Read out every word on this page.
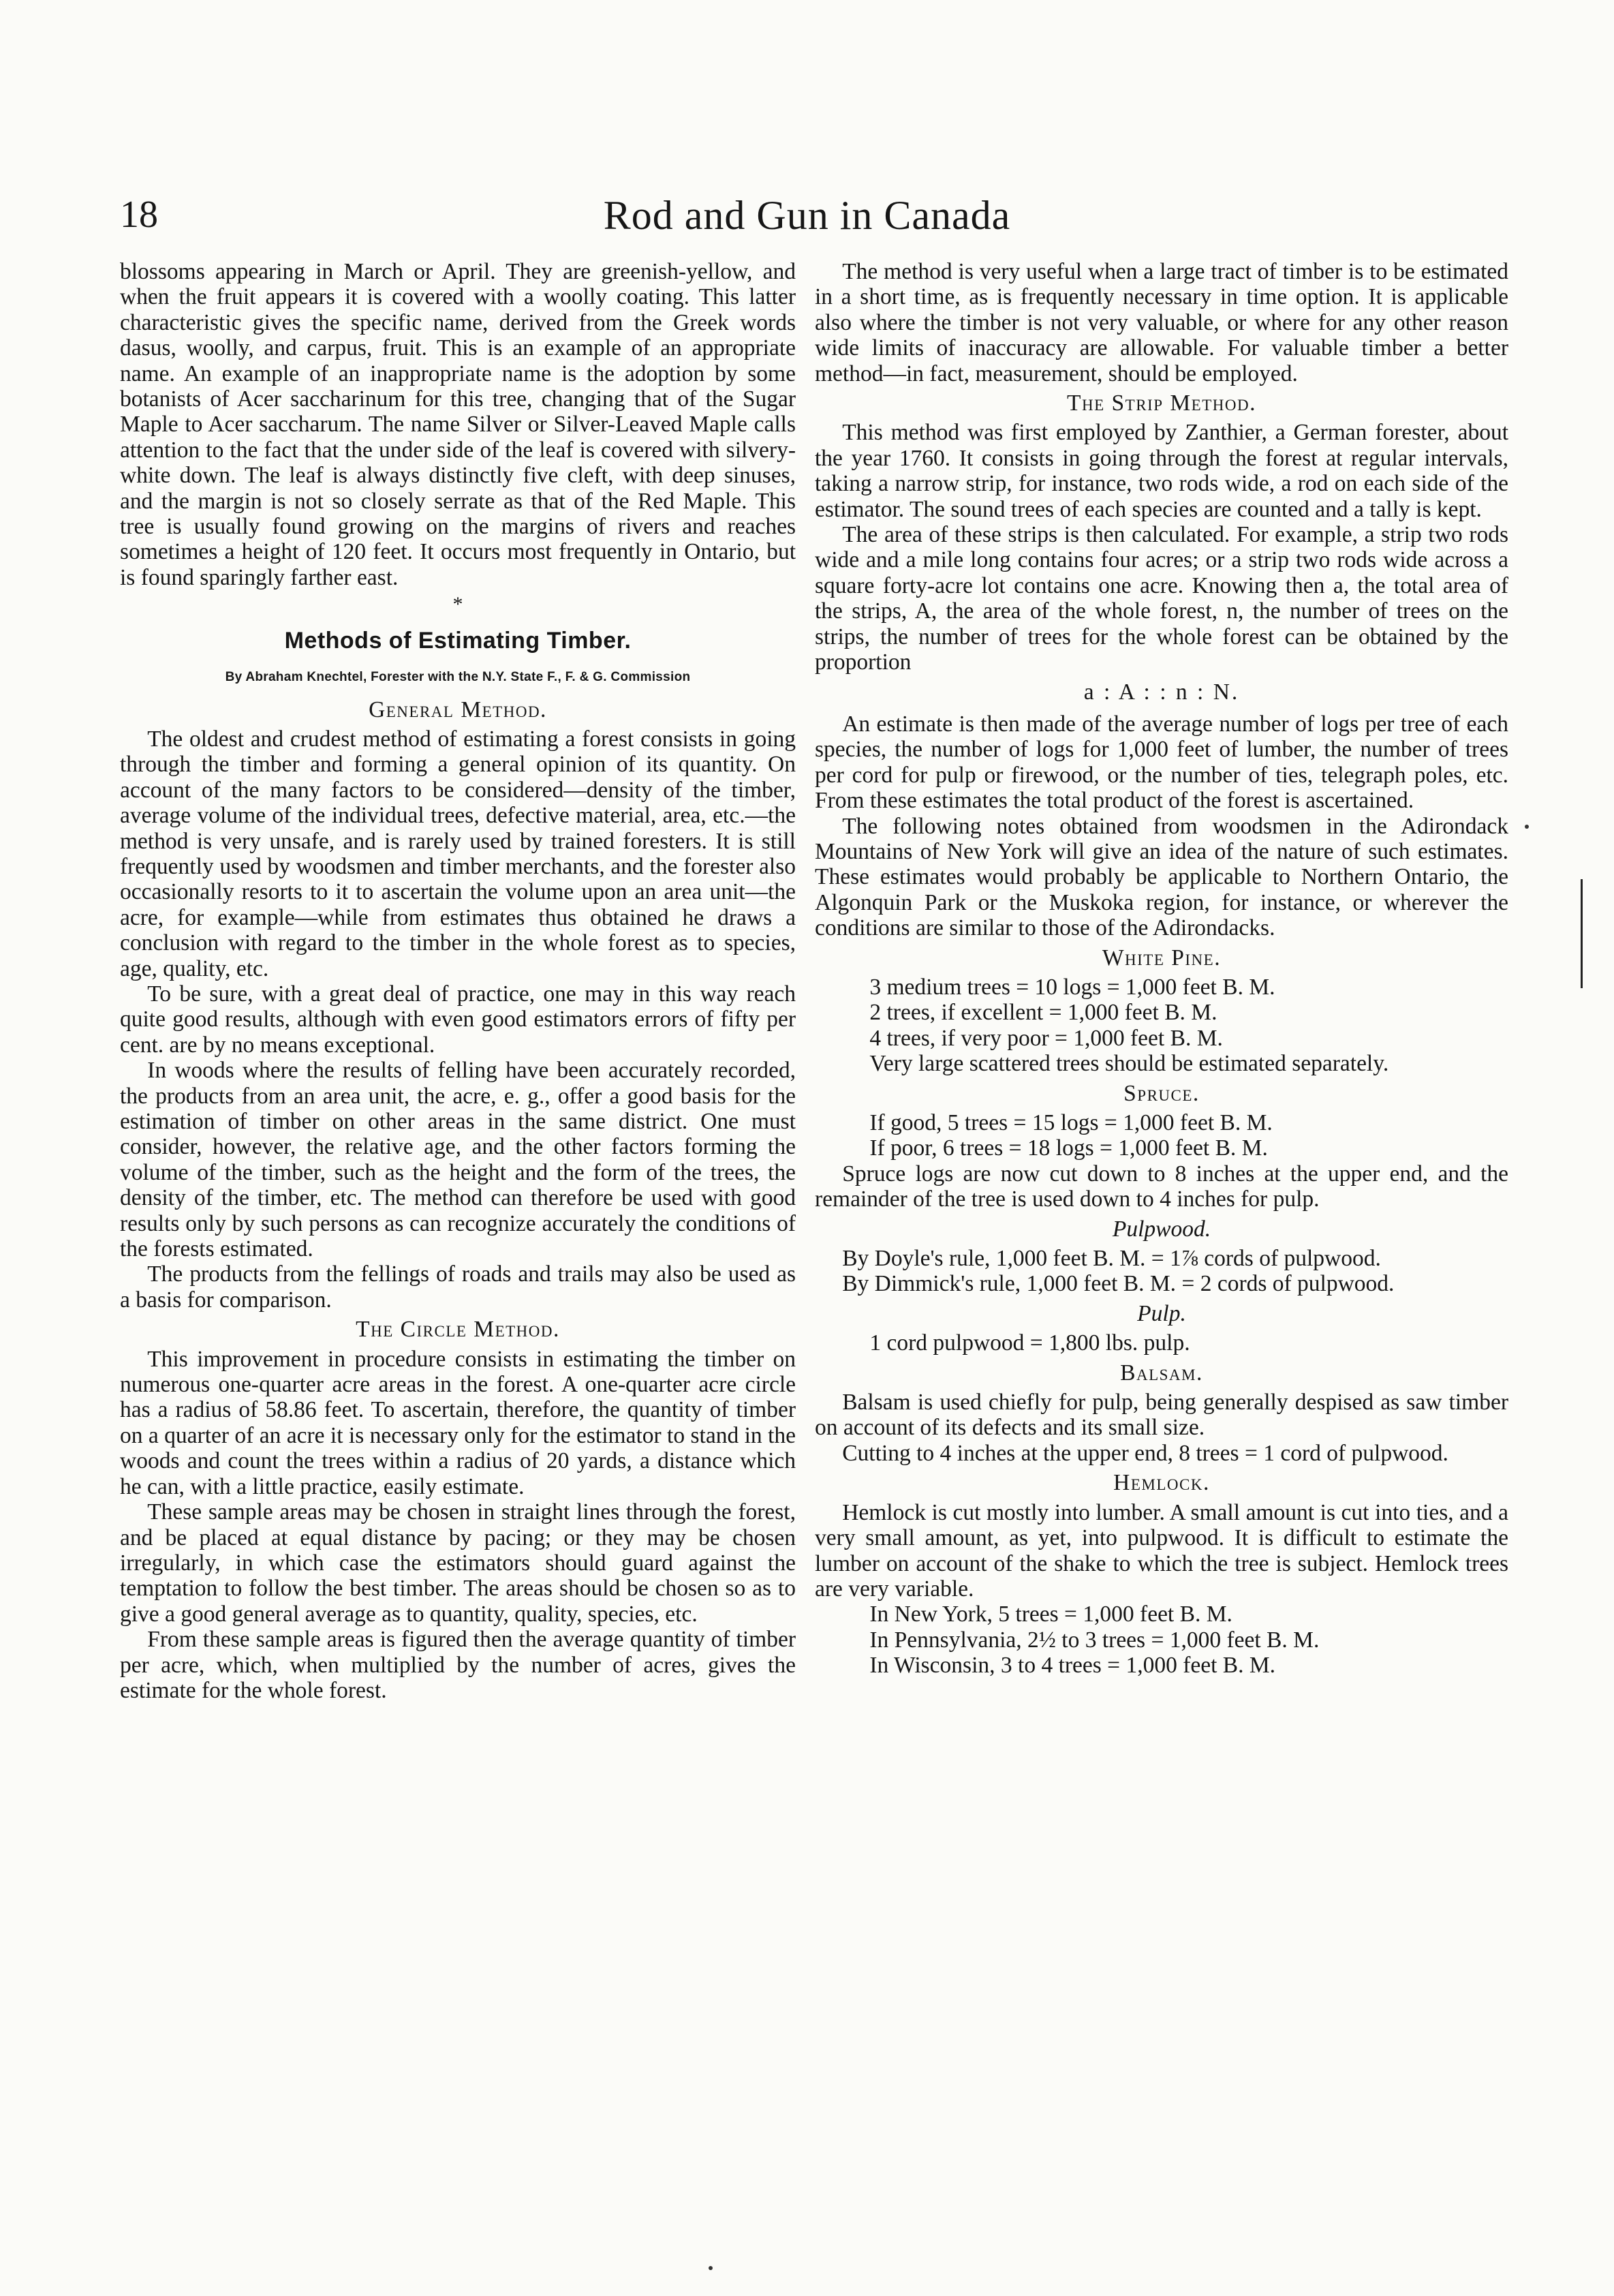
18	Rod and Gun in Canada

blossoms appearing in March or April. They are greenish-yellow, and when the fruit appears it is covered with a woolly coating. This latter characteristic gives the specific name, derived from the Greek words dasus, woolly, and carpus, fruit. This is an example of an appropriate name. An example of an inappropriate name is the adoption by some botanists of Acer saccharinum for this tree, changing that of the Sugar Maple to Acer saccharum. The name Silver or Silver-Leaved Maple calls attention to the fact that the under side of the leaf is covered with silvery-white down. The leaf is always distinctly five cleft, with deep sinuses, and the margin is not so closely serrate as that of the Red Maple. This tree is usually found growing on the margins of rivers and reaches sometimes a height of 120 feet. It occurs most frequently in Ontario, but is found sparingly farther east.

*
Methods of Estimating Timber.
By Abraham Knechtel, Forester with the N.Y. State F., F. & G. Commission
General Method.

The oldest and crudest method of estimating a forest consists in going through the timber and forming a general opinion of its quantity. On account of the many factors to be considered—density of the timber, average volume of the individual trees, defective material, area, etc.—the method is very unsafe, and is rarely used by trained foresters. It is still frequently used by woodsmen and timber merchants, and the forester also occasionally resorts to it to ascertain the volume upon an area unit—the acre, for example—while from estimates thus obtained he draws a conclusion with regard to the timber in the whole forest as to species, age, quality, etc.

To be sure, with a great deal of practice, one may in this way reach quite good results, although with even good estimators errors of fifty per cent. are by no means exceptional.

In woods where the results of felling have been accurately recorded, the products from an area unit, the acre, e. g., offer a good basis for the estimation of timber on other areas in the same district. One must consider, however, the relative age, and the other factors forming the volume of the timber, such as the height and the form of the trees, the density of the timber, etc. The method can therefore be used with good results only by such persons as can recognize accurately the conditions of the forests estimated.

The products from the fellings of roads and trails may also be used as a basis for comparison.

The Circle Method.

This improvement in procedure consists in estimating the timber on numerous one-quarter acre areas in the forest. A one-quarter acre circle has a radius of 58.86 feet. To ascertain, therefore, the quantity of timber on a quarter of an acre it is necessary only for the estimator to stand in the woods and count the trees within a radius of 20 yards, a distance which he can, with a little practice, easily estimate.

These sample areas may be chosen in straight lines through the forest, and be placed at equal distance by pacing; or they may be chosen irregularly, in which case the estimators should guard against the temptation to follow the best timber. The areas should be chosen so as to give a good general average as to quantity, quality, species, etc.

From these sample areas is figured then the average quantity of timber per acre, which, when multiplied by the number of acres, gives the estimate for the whole forest.

The method is very useful when a large tract of timber is to be estimated in a short time, as is frequently necessary in time option. It is applicable also where the timber is not very valuable, or where for any other reason wide limits of inaccuracy are allowable. For valuable timber a better method—in fact, measurement, should be employed.

The Strip Method.

This method was first employed by Zanthier, a German forester, about the year 1760. It consists in going through the forest at regular intervals, taking a narrow strip, for instance, two rods wide, a rod on each side of the estimator. The sound trees of each species are counted and a tally is kept.

The area of these strips is then calculated. For example, a strip two rods wide and a mile long contains four acres; or a strip two rods wide across a square forty-acre lot contains one acre. Knowing then a, the total area of the strips, A, the area of the whole forest, n, the number of trees on the strips, the number of trees for the whole forest can be obtained by the proportion

a : A : : n : N.

An estimate is then made of the average number of logs per tree of each species, the number of logs for 1,000 feet of lumber, the number of trees per cord for pulp or firewood, or the number of ties, telegraph poles, etc. From these estimates the total product of the forest is ascertained.

The following notes obtained from woodsmen in the Adirondack Mountains of New York will give an idea of the nature of such estimates. These estimates would probably be applicable to Northern Ontario, the Algonquin Park or the Muskoka region, for instance, or wherever the conditions are similar to those of the Adirondacks.

White Pine.

3 medium trees = 10 logs = 1,000 feet B. M.

2 trees, if excellent = 1,000 feet B. M.

4 trees, if very poor = 1,000 feet B. M.

Very large scattered trees should be estimated separately.

Spruce.

If good, 5 trees = 15 logs = 1,000 feet B. M.

If poor, 6 trees = 18 logs = 1,000 feet B. M.

Spruce logs are now cut down to 8 inches at the upper end, and the remainder of the tree is used down to 4 inches for pulp.

Pulpwood.

By Doyle's rule, 1,000 feet B. M. = 1⅞ cords of pulpwood.

By Dimmick's rule, 1,000 feet B. M. = 2 cords of pulpwood.

Pulp.

1 cord pulpwood = 1,800 lbs. pulp.

Balsam.

Balsam is used chiefly for pulp, being generally despised as saw timber on account of its defects and its small size.

Cutting to 4 inches at the upper end, 8 trees = 1 cord of pulpwood.

Hemlock.

Hemlock is cut mostly into lumber. A small amount is cut into ties, and a very small amount, as yet, into pulpwood. It is difficult to estimate the lumber on account of the shake to which the tree is subject. Hemlock trees are very variable.

In New York, 5 trees = 1,000 feet B. M.

In Pennsylvania, 2½ to 3 trees = 1,000 feet B. M.

In Wisconsin, 3 to 4 trees = 1,000 feet B. M.
